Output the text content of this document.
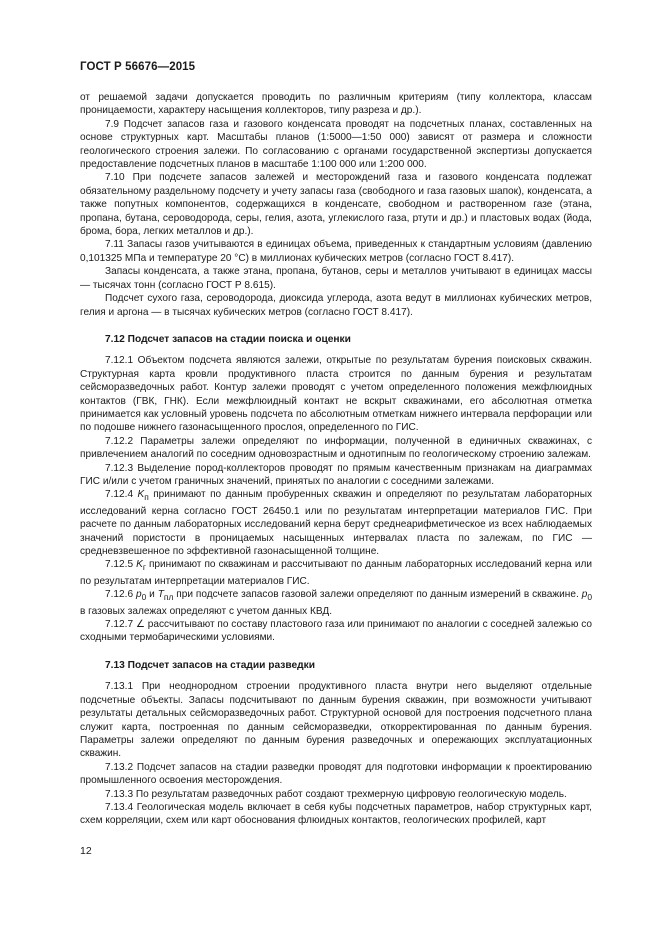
ГОСТ Р 56676—2015

от решаемой задачи допускается проводить по различным критериям (типу коллектора, классам проницаемости, характеру насыщения коллекторов, типу разреза и др.).

7.9 Подсчет запасов газа и газового конденсата проводят на подсчетных планах, составленных на основе структурных карт. Масштабы планов (1:5000—1:50 000) зависят от размера и сложности геологического строения залежи. По согласованию с органами государственной экспертизы допускается предоставление подсчетных планов в масштабе 1:100 000 или 1:200 000.

7.10 При подсчете запасов залежей и месторождений газа и газового конденсата подлежат обязательному раздельному подсчету и учету запасы газа (свободного и газа газовых шапок), конденсата, а также попутных компонентов, содержащихся в конденсате, свободном и растворенном газе (этана, пропана, бутана, сероводорода, серы, гелия, азота, углекислого газа, ртути и др.) и пластовых водах (йода, брома, бора, легких металлов и др.).

7.11 Запасы газов учитываются в единицах объема, приведенных к стандартным условиям (давлению 0,101325 МПа и температуре 20 °С) в миллионах кубических метров (согласно ГОСТ 8.417).

Запасы конденсата, а также этана, пропана, бутанов, серы и металлов учитывают в единицах массы — тысячах тонн (согласно ГОСТ Р 8.615).

Подсчет сухого газа, сероводорода, диоксида углерода, азота ведут в миллионах кубических метров, гелия и аргона — в тысячах кубических метров (согласно ГОСТ 8.417).

7.12 Подсчет запасов на стадии поиска и оценки

7.12.1 Объектом подсчета являются залежи, открытые по результатам бурения поисковых скважин. Структурная карта кровли продуктивного пласта строится по данным бурения и результатам сейсморазведочных работ. Контур залежи проводят с учетом определенного положения межфлюидных контактов (ГВК, ГНК). Если межфлюидный контакт не вскрыт скважинами, его абсолютная отметка принимается как условный уровень подсчета по абсолютным отметкам нижнего интервала перфорации или по подошве нижнего газонасыщенного прослоя, определенного по ГИС.

7.12.2 Параметры залежи определяют по информации, полученной в единичных скважинах, с привлечением аналогий по соседним одновозрастным и однотипным по геологическому строению залежам.

7.12.3 Выделение пород-коллекторов проводят по прямым качественным признакам на диаграммах ГИС и/или с учетом граничных значений, принятых по аналогии с соседними залежами.

7.12.4 $K_п$ принимают по данным пробуренных скважин и определяют по результатам лабораторных исследований керна согласно ГОСТ 26450.1 или по результатам интерпретации материалов ГИС. При расчете по данным лабораторных исследований керна берут среднеарифметическое из всех наблюдаемых значений пористости в проницаемых насыщенных интервалах пласта по залежам, по ГИС — средневзвешенное по эффективной газонасыщенной толщине.

7.12.5 $K_г$ принимают по скважинам и рассчитывают по данным лабораторных исследований керна или по результатам интерпретации материалов ГИС.

7.12.6 $p_0$ и $T_{пл}$ при подсчете запасов газовой залежи определяют по данным измерений в скважине. $p_0$ в газовых залежах определяют с учетом данных КВД.

7.12.7 ∠ рассчитывают по составу пластового газа или принимают по аналогии с соседней залежью со сходными термобарическими условиями.

7.13 Подсчет запасов на стадии разведки

7.13.1 При неоднородном строении продуктивного пласта внутри него выделяют отдельные подсчетные объекты. Запасы подсчитывают по данным бурения скважин, при возможности учитывают результаты детальных сейсморазведочных работ. Структурной основой для построения подсчетного плана служит карта, построенная по данным сейсморазведки, откорректированная по данным бурения. Параметры залежи определяют по данным бурения разведочных и опережающих эксплуатационных скважин.

7.13.2 Подсчет запасов на стадии разведки проводят для подготовки информации к проектированию промышленного освоения месторождения.

7.13.3 По результатам разведочных работ создают трехмерную цифровую геологическую модель.

7.13.4 Геологическая модель включает в себя кубы подсчетных параметров, набор структурных карт, схем корреляции, схем или карт обоснования флюидных контактов, геологических профилей, карт

12
